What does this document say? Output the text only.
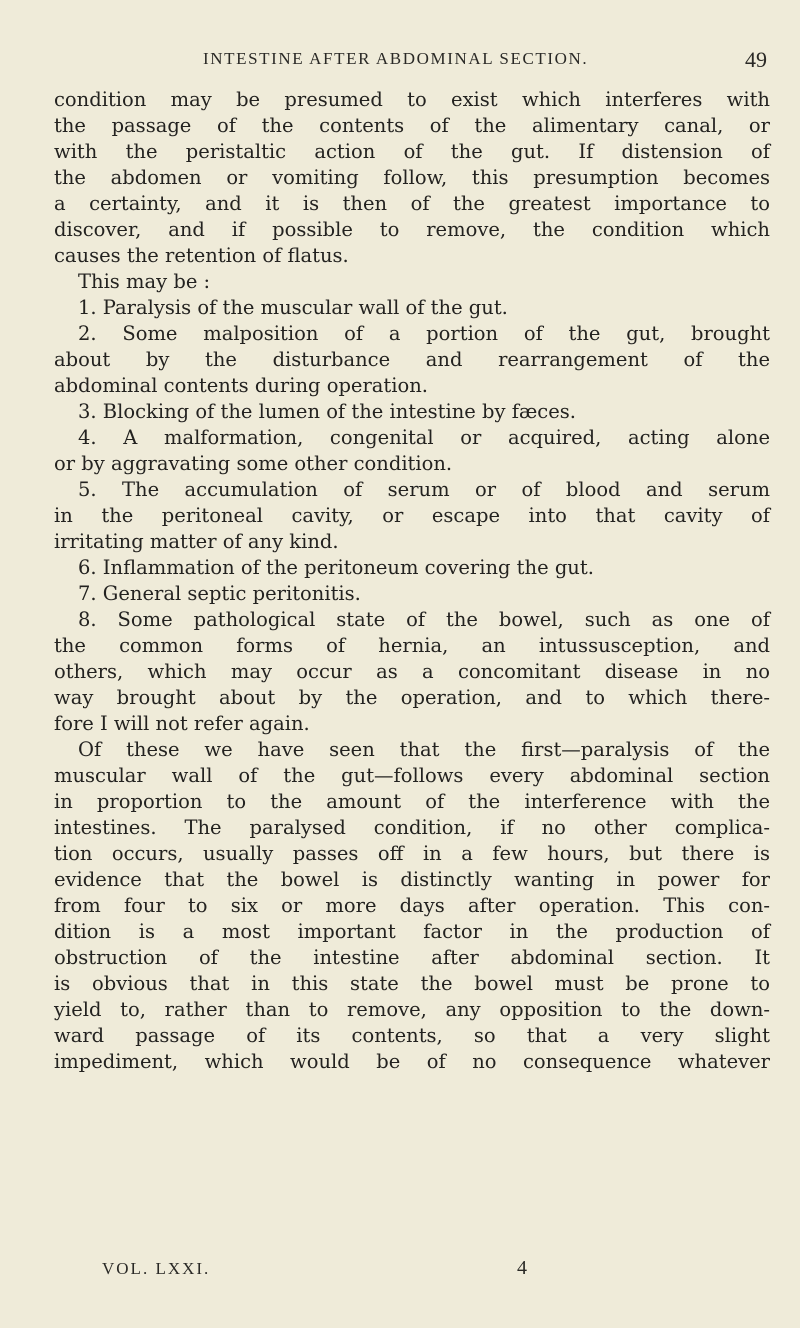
INTESTINE AFTER ABDOMINAL SECTION.	49
condition may be presumed to exist which interferes with
the passage of the contents of the alimentary canal, or
with the peristaltic action of the gut. If distension of
the abdomen or vomiting follow, this presumption becomes
a certainty, and it is then of the greatest importance to
discover, and if possible to remove, the condition which
causes the retention of flatus.
This may be :
1. Paralysis of the muscular wall of the gut.
2. Some malposition of a portion of the gut, brought
about by the disturbance and rearrangement of the
abdominal contents during operation.
3. Blocking of the lumen of the intestine by fæces.
4. A malformation, congenital or acquired, acting alone
or by aggravating some other condition.
5. The accumulation of serum or of blood and serum
in the peritoneal cavity, or escape into that cavity of
irritating matter of any kind.
6. Inflammation of the peritoneum covering the gut.
7. General septic peritonitis.
8. Some pathological state of the bowel, such as one of
the common forms of hernia, an intussusception, and
others, which may occur as a concomitant disease in no
way brought about by the operation, and to which there-
fore I will not refer again.
Of these we have seen that the first—paralysis of the
muscular wall of the gut—follows every abdominal section
in proportion to the amount of the interference with the
intestines. The paralysed condition, if no other complica-
tion occurs, usually passes off in a few hours, but there is
evidence that the bowel is distinctly wanting in power for
from four to six or more days after operation. This con-
dition is a most important factor in the production of
obstruction of the intestine after abdominal section. It
is obvious that in this state the bowel must be prone to
yield to, rather than to remove, any opposition to the down-
ward passage of its contents, so that a very slight
impediment, which would be of no consequence whatever
VOL. LXXI.	4
